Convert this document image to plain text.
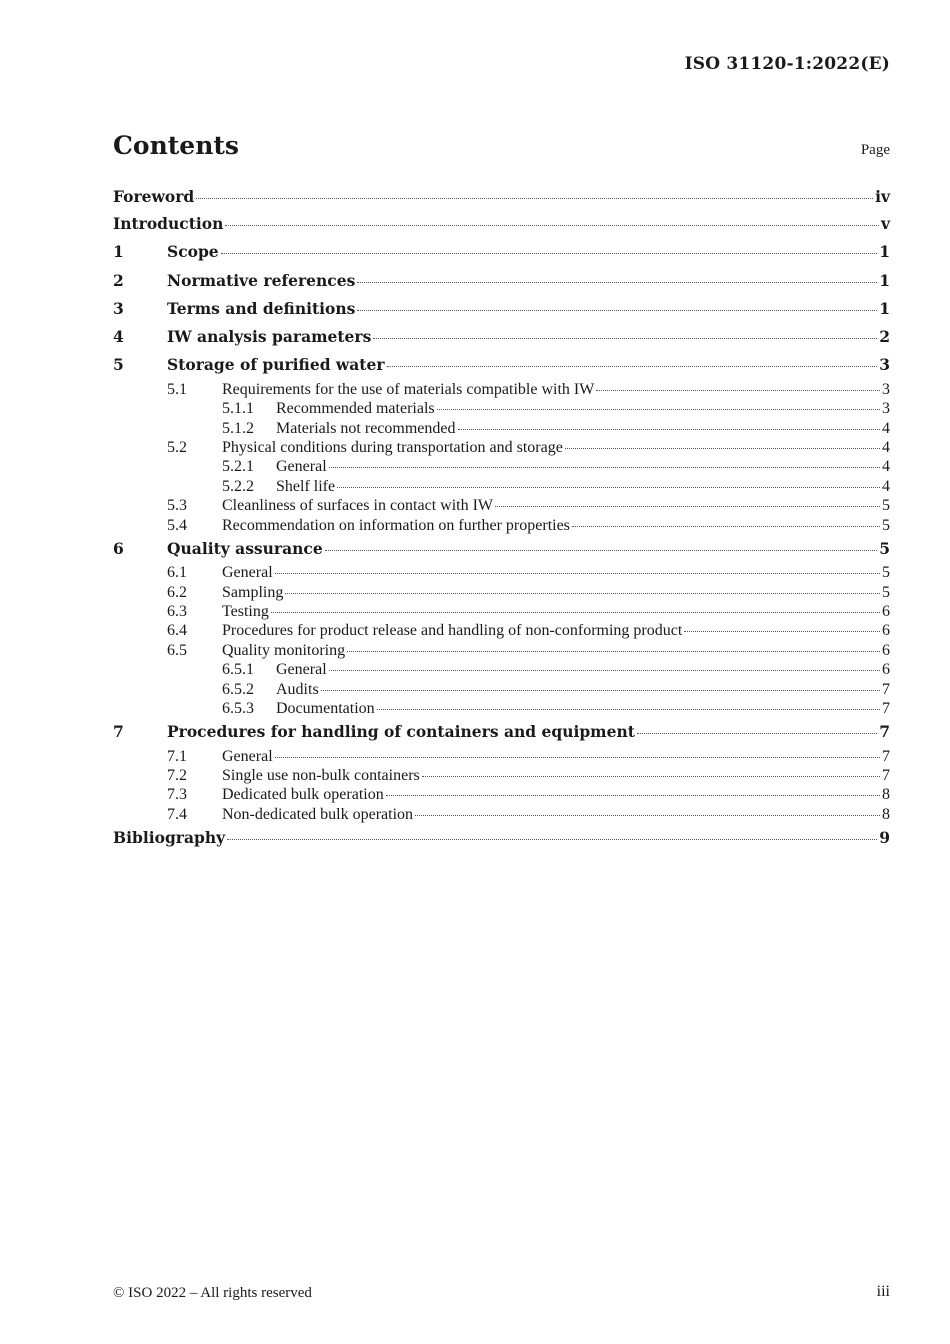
ISO 31120-1:2022(E)
Contents	Page
Foreword	iv
Introduction	v
1	Scope	1
2	Normative references	1
3	Terms and definitions	1
4	IW analysis parameters	2
5	Storage of purified water	3
5.1	Requirements for the use of materials compatible with IW	3
5.1.1	Recommended materials	3
5.1.2	Materials not recommended	4
5.2	Physical conditions during transportation and storage	4
5.2.1	General	4
5.2.2	Shelf life	4
5.3	Cleanliness of surfaces in contact with IW	5
5.4	Recommendation on information on further properties	5
6	Quality assurance	5
6.1	General	5
6.2	Sampling	5
6.3	Testing	6
6.4	Procedures for product release and handling of non-conforming product	6
6.5	Quality monitoring	6
6.5.1	General	6
6.5.2	Audits	7
6.5.3	Documentation	7
7	Procedures for handling of containers and equipment	7
7.1	General	7
7.2	Single use non-bulk containers	7
7.3	Dedicated bulk operation	8
7.4	Non-dedicated bulk operation	8
Bibliography	9
© ISO 2022 – All rights reserved	iii
